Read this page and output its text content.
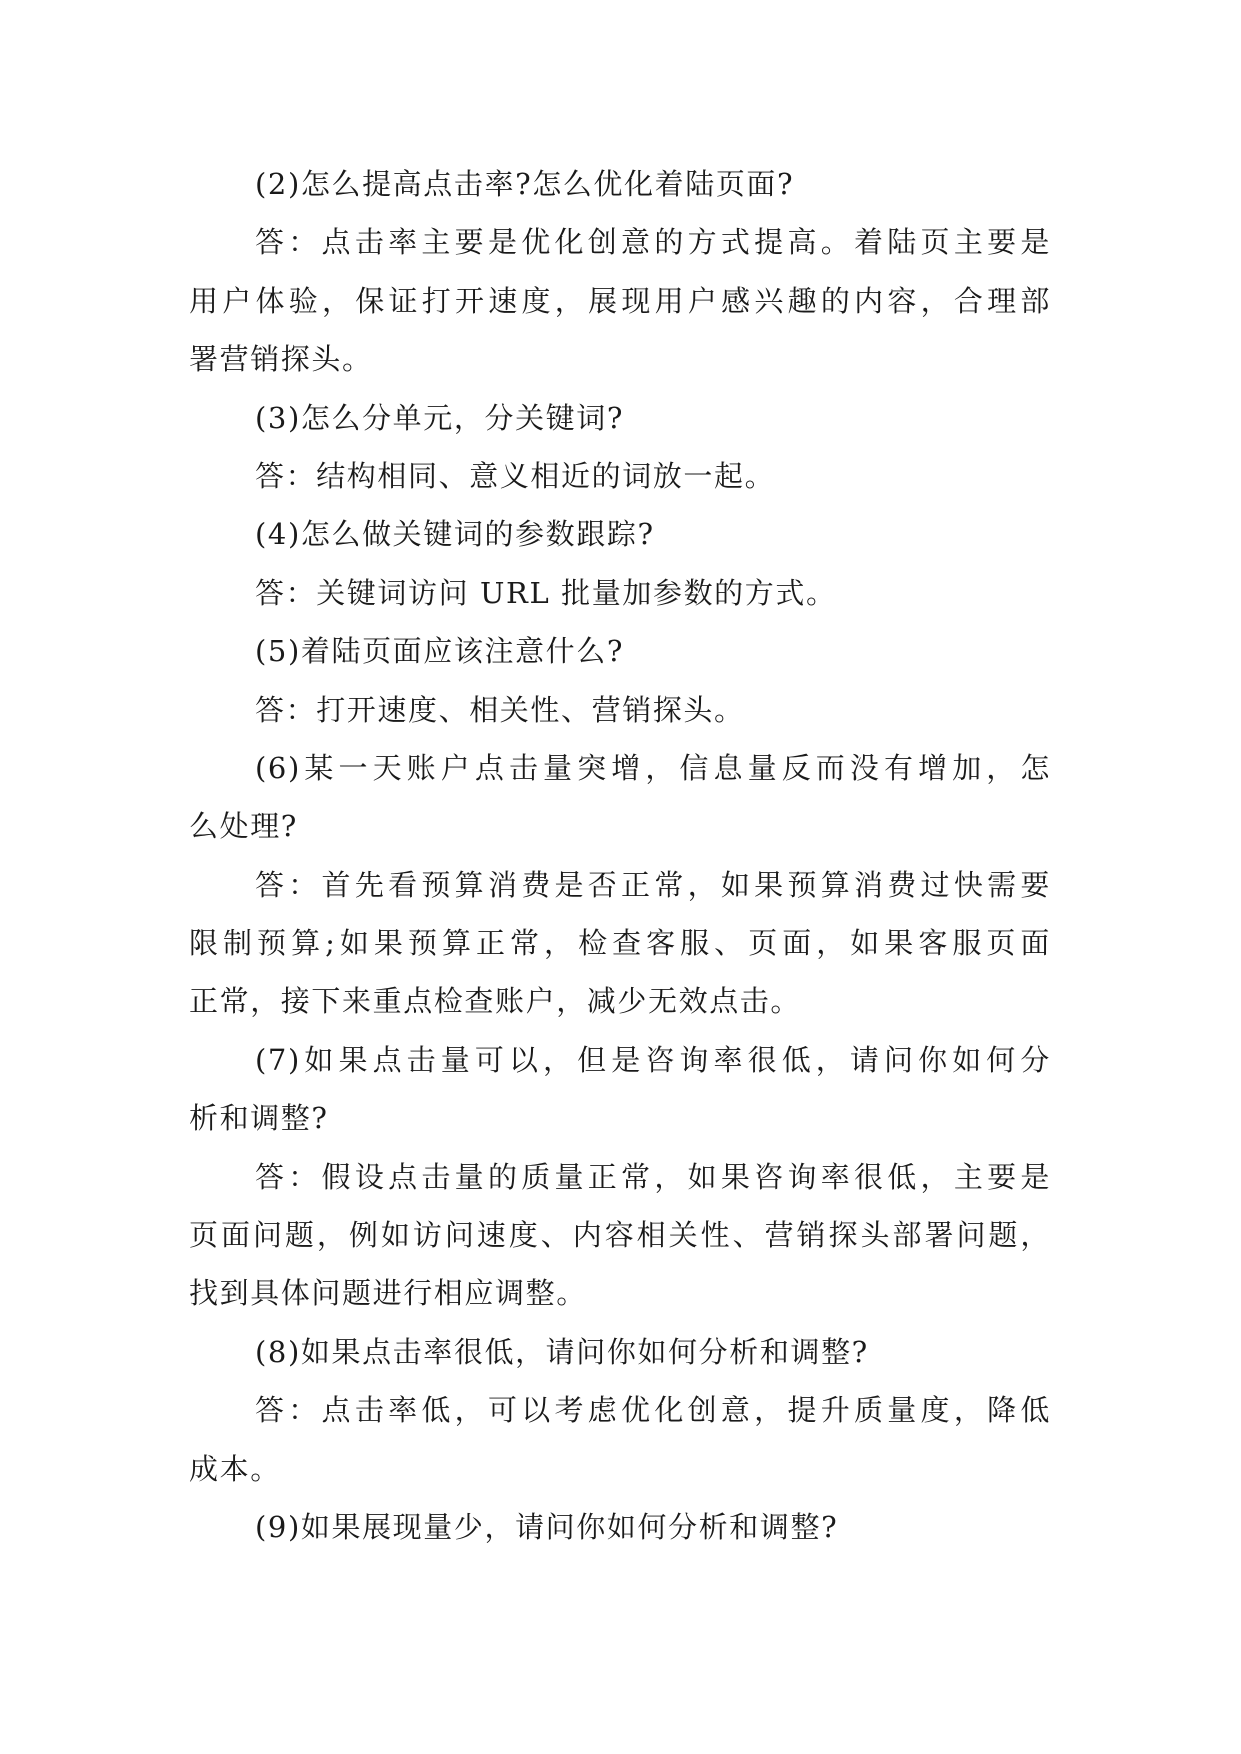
(2)怎么提高点击率?怎么优化着陆页面?
答：点击率主要是优化创意的方式提高。着陆页主要是
用户体验，保证打开速度，展现用户感兴趣的内容，合理部
署营销探头。
(3)怎么分单元，分关键词?
答：结构相同、意义相近的词放一起。
(4)怎么做关键词的参数跟踪?
答：关键词访问 URL 批量加参数的方式。
(5)着陆页面应该注意什么?
答：打开速度、相关性、营销探头。
(6)某一天账户点击量突增，信息量反而没有增加，怎
么处理?
答：首先看预算消费是否正常，如果预算消费过快需要
限制预算;如果预算正常，检查客服、页面，如果客服页面
正常，接下来重点检查账户，减少无效点击。
(7)如果点击量可以，但是咨询率很低，请问你如何分
析和调整?
答：假设点击量的质量正常，如果咨询率很低，主要是
页面问题，例如访问速度、内容相关性、营销探头部署问题，
找到具体问题进行相应调整。
(8)如果点击率很低，请问你如何分析和调整?
答：点击率低，可以考虑优化创意，提升质量度，降低
成本。
(9)如果展现量少，请问你如何分析和调整?
